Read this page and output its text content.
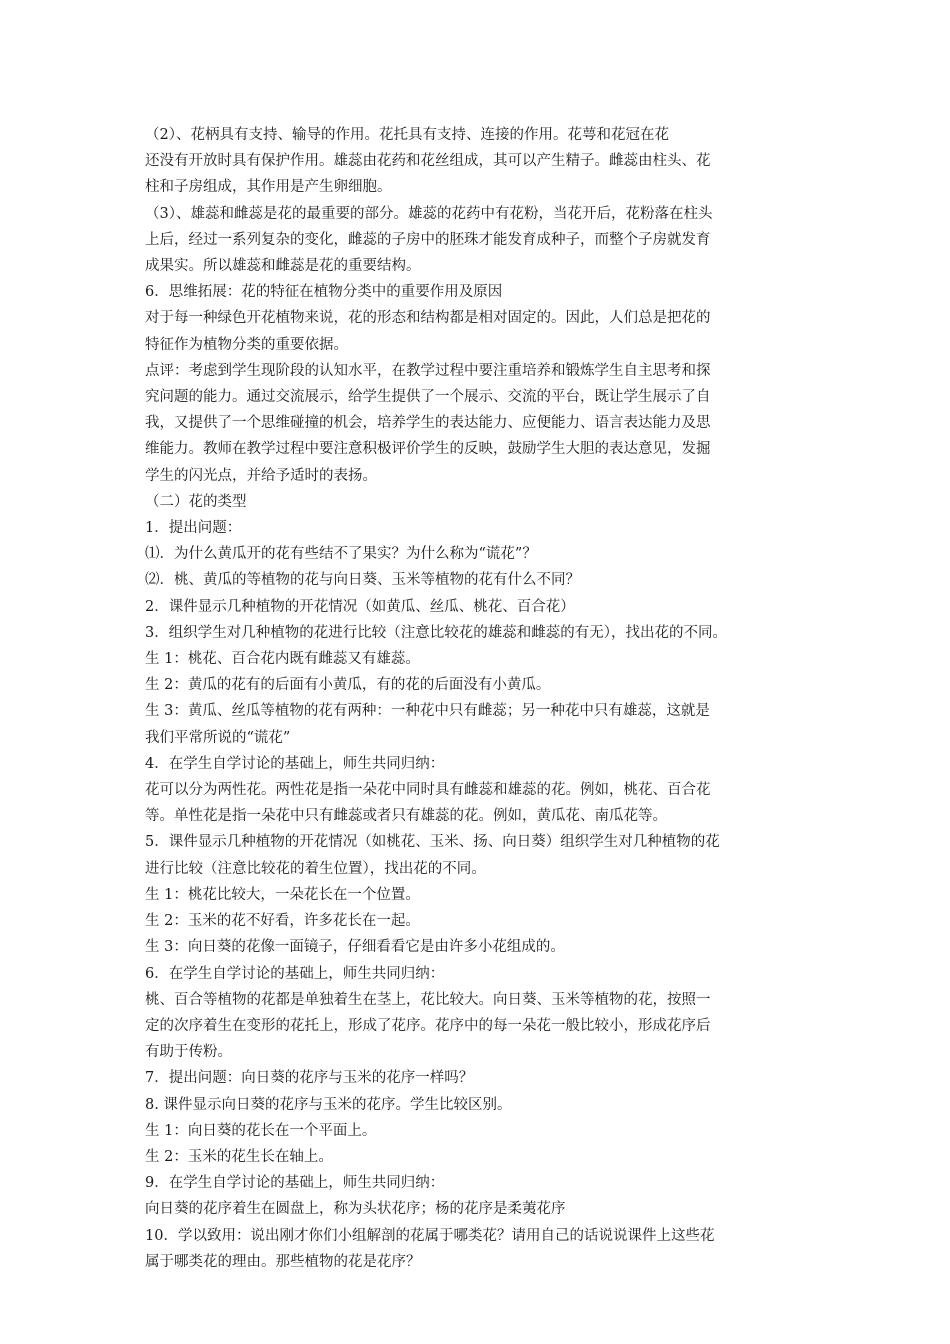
（2）、花柄具有支持、输导的作用。花托具有支持、连接的作用。花萼和花冠在花
还没有开放时具有保护作用。雄蕊由花药和花丝组成，其可以产生精子。雌蕊由柱头、花
柱和子房组成，其作用是产生卵细胞。
（3）、雄蕊和雌蕊是花的最重要的部分。雄蕊的花药中有花粉，当花开后，花粉落在柱头
上后，经过一系列复杂的变化，雌蕊的子房中的胚珠才能发育成种子，而整个子房就发育
成果实。所以雄蕊和雌蕊是花的重要结构。
6．思维拓展：花的特征在植物分类中的重要作用及原因
对于每一种绿色开花植物来说，花的形态和结构都是相对固定的。因此，人们总是把花的
特征作为植物分类的重要依据。
点评：考虑到学生现阶段的认知水平，在教学过程中要注重培养和锻炼学生自主思考和探
究问题的能力。通过交流展示，给学生提供了一个展示、交流的平台，既让学生展示了自
我，又提供了一个思维碰撞的机会，培养学生的表达能力、应便能力、语言表达能力及思
维能力。教师在教学过程中要注意积极评价学生的反映，鼓励学生大胆的表达意见，发掘
学生的闪光点，并给予适时的表扬。
（二）花的类型
1．提出问题：
⑴．为什么黄瓜开的花有些结不了果实？为什么称为“谎花”？
⑵．桃、黄瓜的等植物的花与向日葵、玉米等植物的花有什么不同？
2．课件显示几种植物的开花情况（如黄瓜、丝瓜、桃花、百合花）
3．组织学生对几种植物的花进行比较（注意比较花的雄蕊和雌蕊的有无），找出花的不同。
生 1：桃花、百合花内既有雌蕊又有雄蕊。
生 2：黄瓜的花有的后面有小黄瓜，有的花的后面没有小黄瓜。
生 3：黄瓜、丝瓜等植物的花有两种：一种花中只有雌蕊；另一种花中只有雄蕊，这就是
我们平常所说的“谎花”
4．在学生自学讨论的基础上，师生共同归纳：
花可以分为两性花。两性花是指一朵花中同时具有雌蕊和雄蕊的花。例如，桃花、百合花
等。单性花是指一朵花中只有雌蕊或者只有雄蕊的花。例如，黄瓜花、南瓜花等。
5．课件显示几种植物的开花情况（如桃花、玉米、扬、向日葵）组织学生对几种植物的花
进行比较（注意比较花的着生位置），找出花的不同。
生 1：桃花比较大，一朵花长在一个位置。
生 2：玉米的花不好看，许多花长在一起。
生 3：向日葵的花像一面镜子，仔细看看它是由许多小花组成的。
6．在学生自学讨论的基础上，师生共同归纳：
桃、百合等植物的花都是单独着生在茎上，花比较大。向日葵、玉米等植物的花，按照一
定的次序着生在变形的花托上，形成了花序。花序中的每一朵花一般比较小，形成花序后
有助于传粉。
7．提出问题：向日葵的花序与玉米的花序一样吗？
8. 课件显示向日葵的花序与玉米的花序。学生比较区别。
生 1：向日葵的花长在一个平面上。
生 2：玉米的花生长在轴上。
9．在学生自学讨论的基础上，师生共同归纳：
向日葵的花序着生在圆盘上，称为头状花序；杨的花序是柔荑花序
10．学以致用：说出刚才你们小组解剖的花属于哪类花？请用自己的话说说课件上这些花
属于哪类花的理由。那些植物的花是花序？
